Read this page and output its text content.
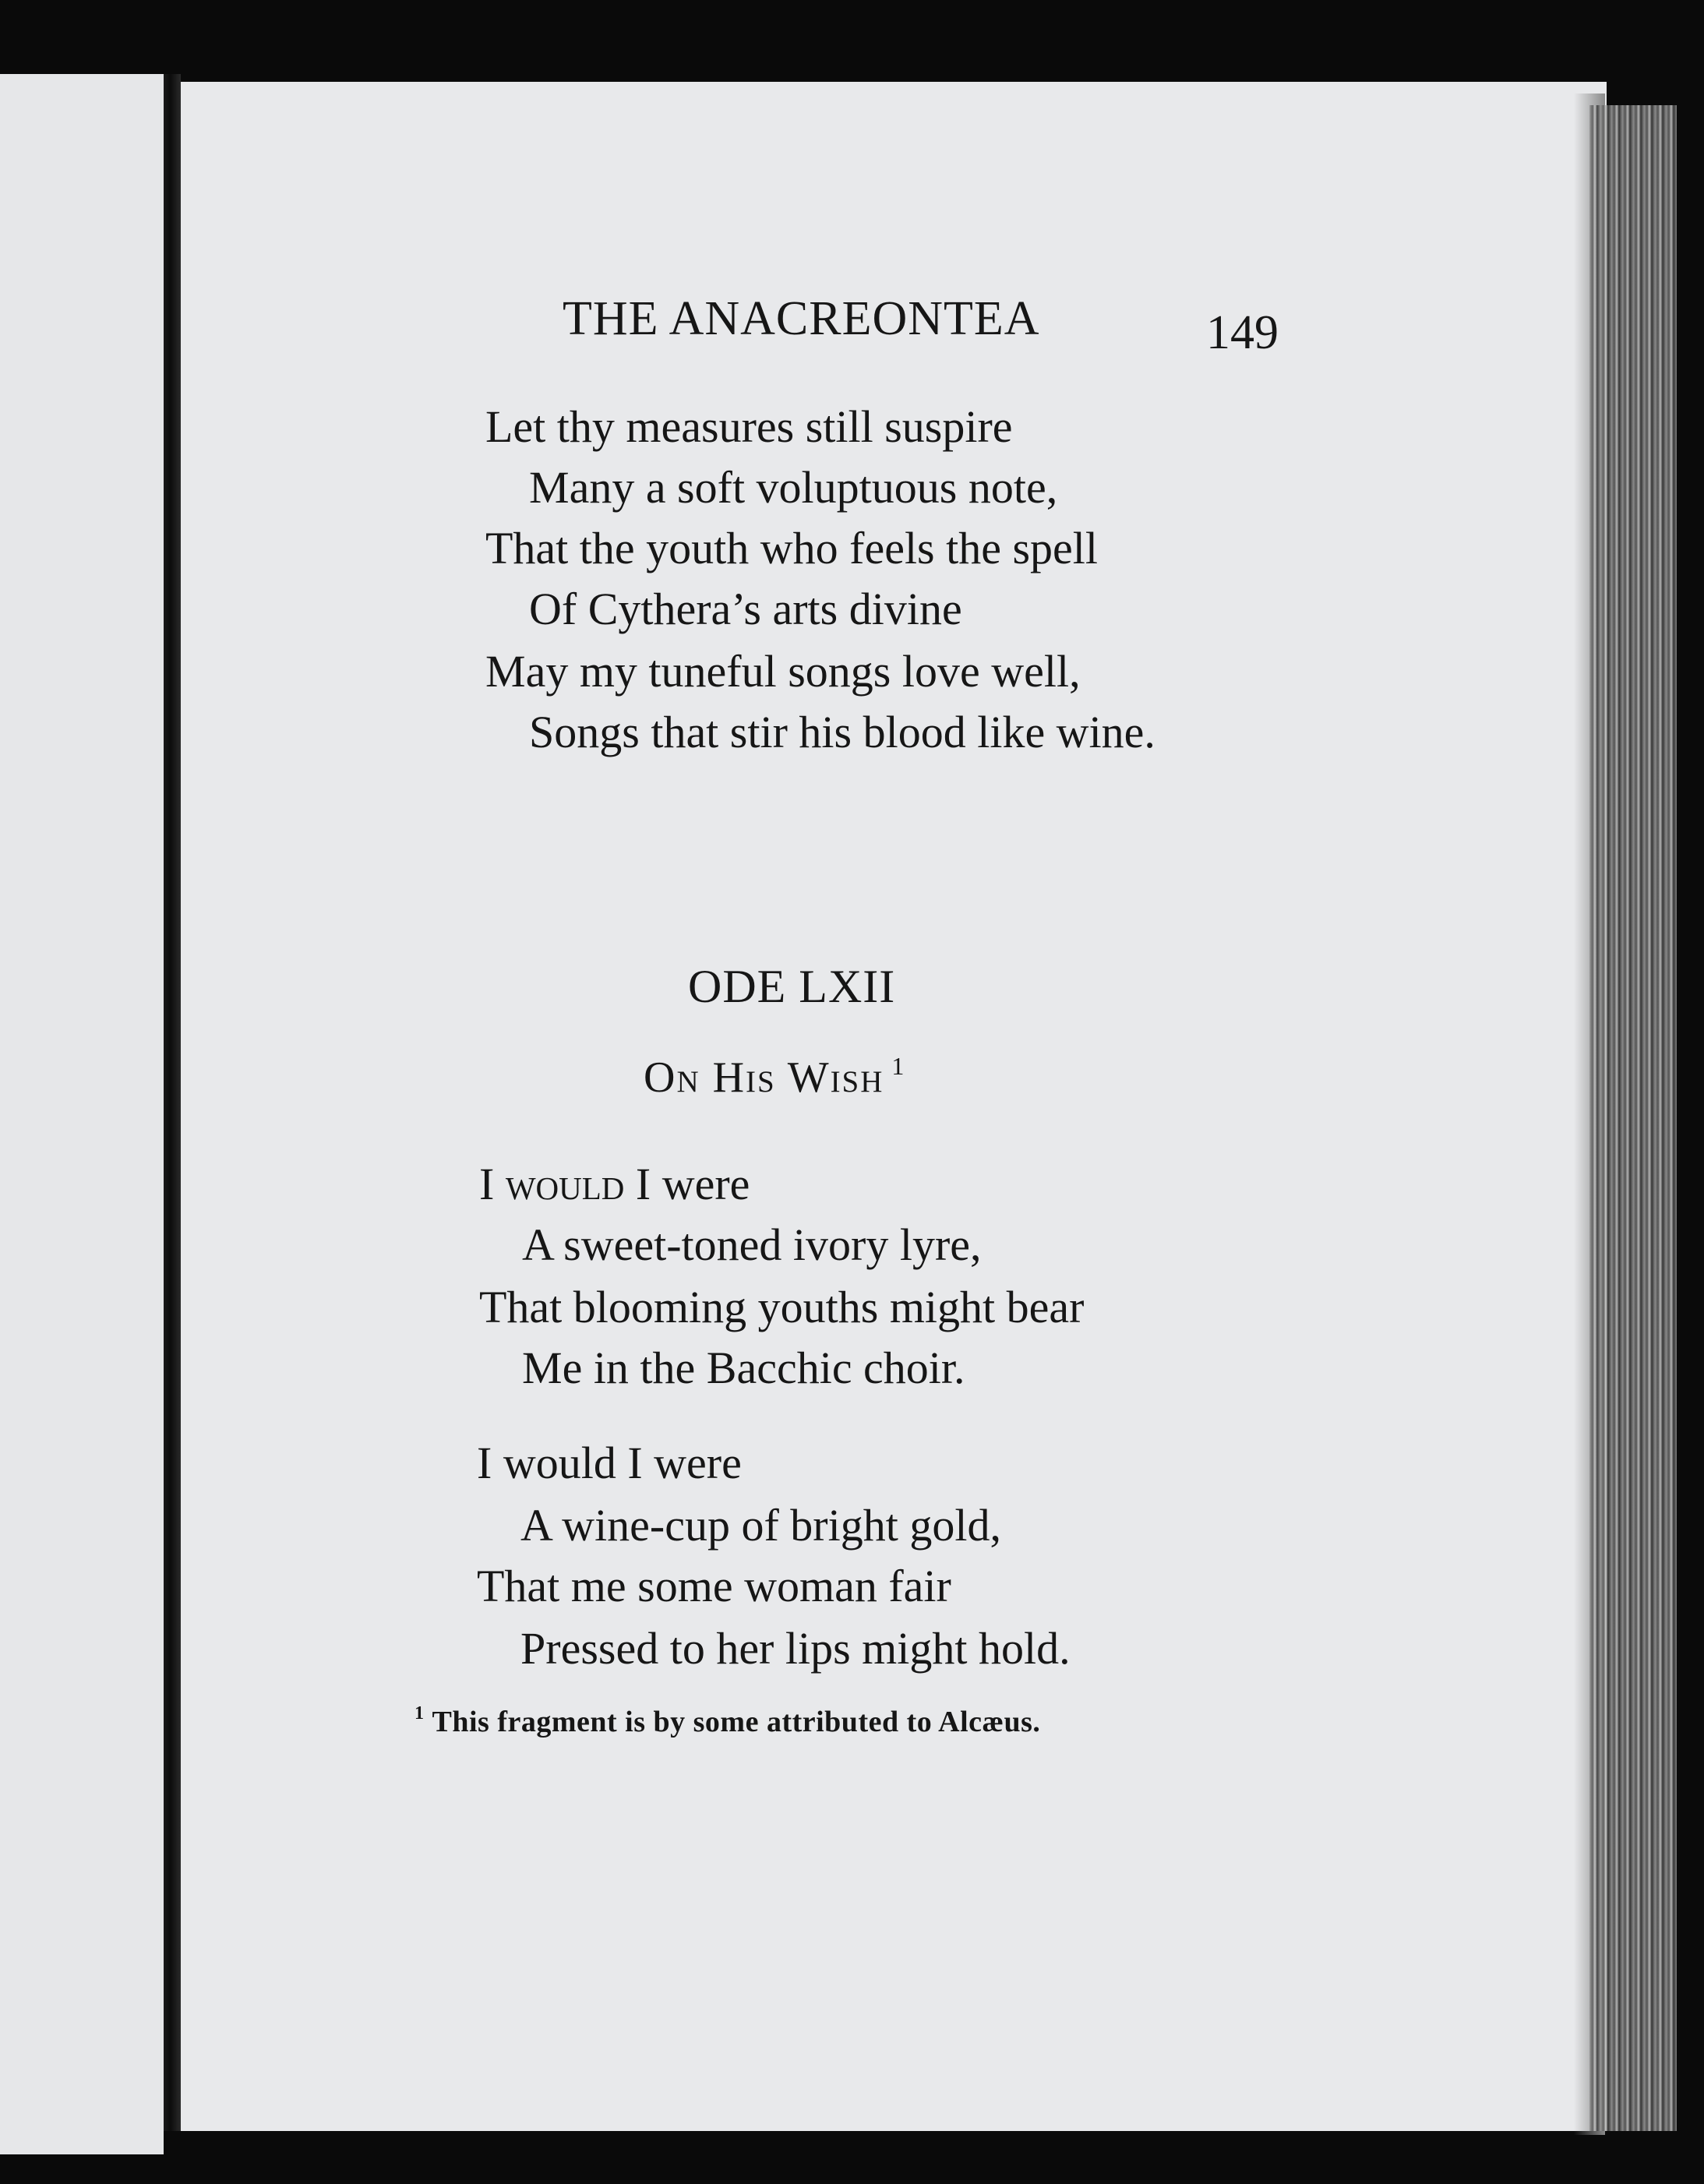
THE ANACREONTEA	149
Let thy measures still suspire
Many a soft voluptuous note,
That the youth who feels the spell
Of Cythera’s arts divine
May my tuneful songs love well,
Songs that stir his blood like wine.
ODE LXII
On His Wish $^1$
I would I were
A sweet-toned ivory lyre,
That blooming youths might bear
Me in the Bacchic choir.
I would I were
A wine-cup of bright gold,
That me some woman fair
Pressed to her lips might hold.
$^1$ This fragment is by some attributed to Alcæus.
